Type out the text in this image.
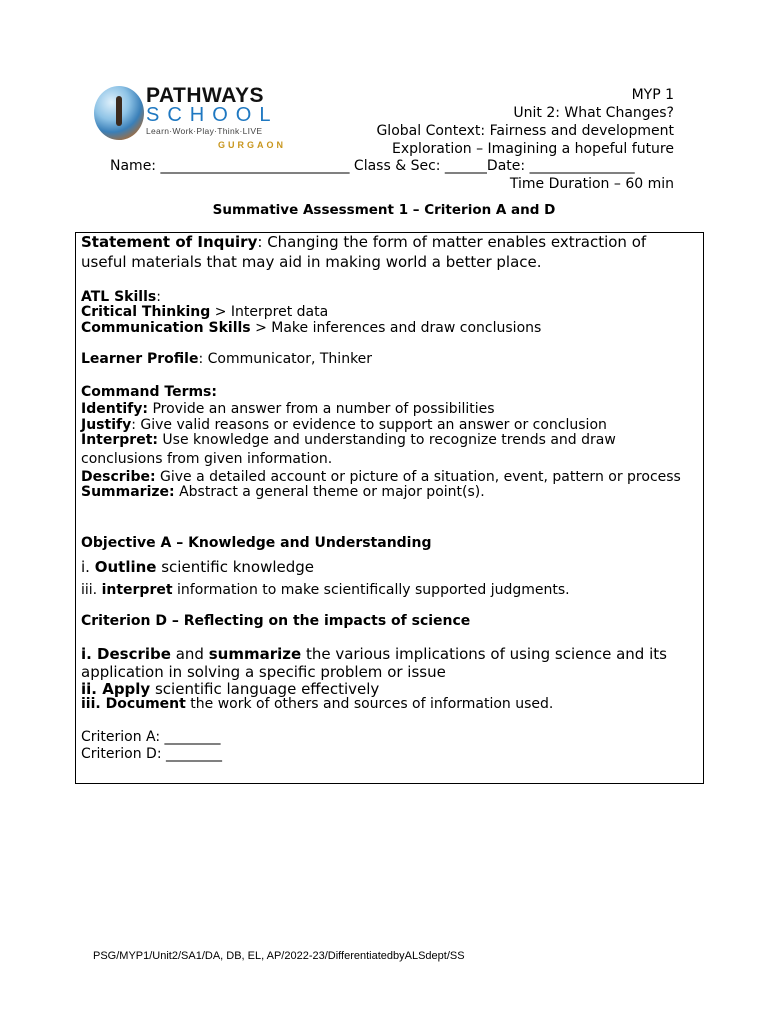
PATHWAYS
SCHOOL
Learn·Work·Play·Think·LIVE
GURGAON
MYP 1
Unit 2: What Changes?
Global Context: Fairness and development
Exploration – Imagining a hopeful future
Name: ___________________________ Class & Sec: ______Date: _______________
Time Duration – 60 min
Summative Assessment 1 – Criterion A and D
Statement of Inquiry: Changing the form of matter enables extraction of
useful materials that may aid in making world a better place.
ATL Skills:
Critical Thinking > Interpret data
Communication Skills > Make inferences and draw conclusions
Learner Profile: Communicator, Thinker
Command Terms:
Identify: Provide an answer from a number of possibilities
Justify: Give valid reasons or evidence to support an answer or conclusion
Interpret: Use knowledge and understanding to recognize trends and draw
conclusions from given information.
Describe: Give a detailed account or picture of a situation, event, pattern or process
Summarize: Abstract a general theme or major point(s).
Objective A – Knowledge and Understanding
i. Outline scientific knowledge
iii. interpret information to make scientifically supported judgments.
Criterion D – Reflecting on the impacts of science
i. Describe and summarize the various implications of using science and its
application in solving a specific problem or issue
ii. Apply scientific language effectively
iii. Document the work of others and sources of information used.
Criterion A: ________
Criterion D: ________
PSG/MYP1/Unit2/SA1/DA, DB, EL, AP/2022-23/DifferentiatedbyALSdept/SS
